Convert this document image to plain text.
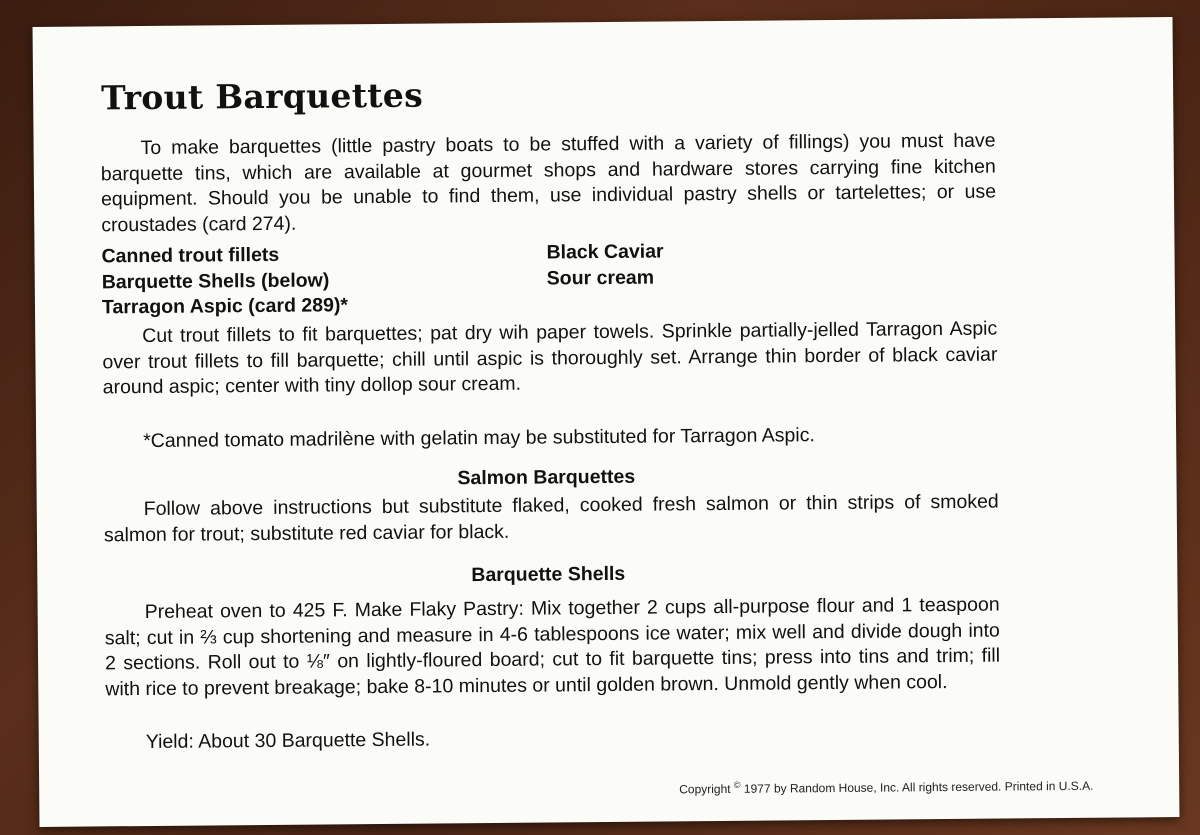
Trout Barquettes

To make barquettes (little pastry boats to be stuffed with a variety of fillings) you must have barquette tins, which are available at gourmet shops and hardware stores carrying fine kitchen equipment. Should you be unable to find them, use individual pastry shells or tartelettes; or use croustades (card 274).

Canned trout fillets
Barquette Shells (below)
Tarragon Aspic (card 289)*
Black Caviar
Sour cream

Cut trout fillets to fit barquettes; pat dry wih paper towels. Sprinkle partially-jelled Tarragon Aspic over trout fillets to fill barquette; chill until aspic is thoroughly set. Arrange thin border of black caviar around aspic; center with tiny dollop sour cream.

*Canned tomato madrilène with gelatin may be substituted for Tarragon Aspic.

Salmon Barquettes

Follow above instructions but substitute flaked, cooked fresh salmon or thin strips of smoked salmon for trout; substitute red caviar for black.

Barquette Shells

Preheat oven to 425 F. Make Flaky Pastry: Mix together 2 cups all-purpose flour and 1 teaspoon salt; cut in ⅔ cup shortening and measure in 4-6 tablespoons ice water; mix well and divide dough into 2 sections. Roll out to ⅛″ on lightly-floured board; cut to fit barquette tins; press into tins and trim; fill with rice to prevent breakage; bake 8-10 minutes or until golden brown. Unmold gently when cool.

Yield: About 30 Barquette Shells.

Copyright © 1977 by Random House, Inc. All rights reserved. Printed in U.S.A.
